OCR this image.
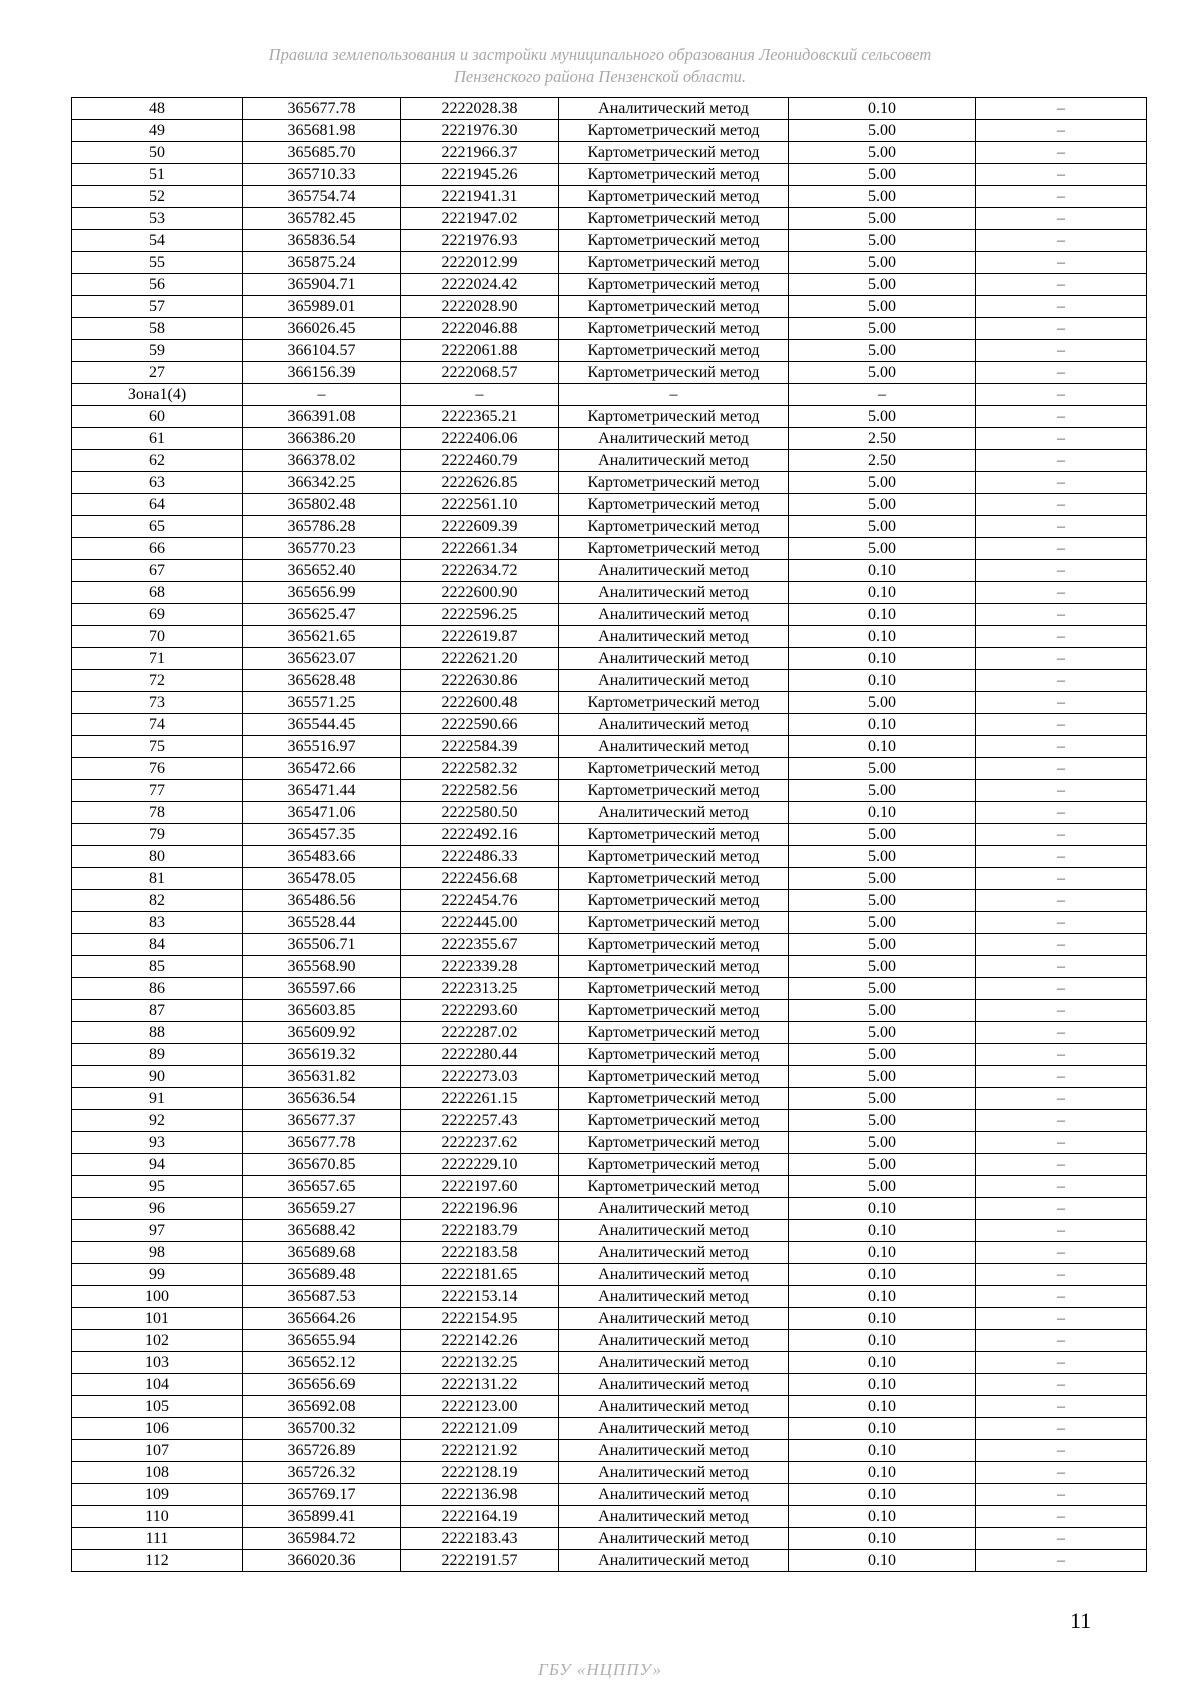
Правила землепользования и застройки муниципального образования Леонидовский сельсовет
Пензенского района Пензенской области.
48	365677.78	2222028.38	Аналитический метод	0.10	–
49	365681.98	2221976.30	Картометрический метод	5.00	–
50	365685.70	2221966.37	Картометрический метод	5.00	–
51	365710.33	2221945.26	Картометрический метод	5.00	–
52	365754.74	2221941.31	Картометрический метод	5.00	–
53	365782.45	2221947.02	Картометрический метод	5.00	–
54	365836.54	2221976.93	Картометрический метод	5.00	–
55	365875.24	2222012.99	Картометрический метод	5.00	–
56	365904.71	2222024.42	Картометрический метод	5.00	–
57	365989.01	2222028.90	Картометрический метод	5.00	–
58	366026.45	2222046.88	Картометрический метод	5.00	–
59	366104.57	2222061.88	Картометрический метод	5.00	–
27	366156.39	2222068.57	Картометрический метод	5.00	–
Зона1(4)	–	–	–	–	–
60	366391.08	2222365.21	Картометрический метод	5.00	–
61	366386.20	2222406.06	Аналитический метод	2.50	–
62	366378.02	2222460.79	Аналитический метод	2.50	–
63	366342.25	2222626.85	Картометрический метод	5.00	–
64	365802.48	2222561.10	Картометрический метод	5.00	–
65	365786.28	2222609.39	Картометрический метод	5.00	–
66	365770.23	2222661.34	Картометрический метод	5.00	–
67	365652.40	2222634.72	Аналитический метод	0.10	–
68	365656.99	2222600.90	Аналитический метод	0.10	–
69	365625.47	2222596.25	Аналитический метод	0.10	–
70	365621.65	2222619.87	Аналитический метод	0.10	–
71	365623.07	2222621.20	Аналитический метод	0.10	–
72	365628.48	2222630.86	Аналитический метод	0.10	–
73	365571.25	2222600.48	Картометрический метод	5.00	–
74	365544.45	2222590.66	Аналитический метод	0.10	–
75	365516.97	2222584.39	Аналитический метод	0.10	–
76	365472.66	2222582.32	Картометрический метод	5.00	–
77	365471.44	2222582.56	Картометрический метод	5.00	–
78	365471.06	2222580.50	Аналитический метод	0.10	–
79	365457.35	2222492.16	Картометрический метод	5.00	–
80	365483.66	2222486.33	Картометрический метод	5.00	–
81	365478.05	2222456.68	Картометрический метод	5.00	–
82	365486.56	2222454.76	Картометрический метод	5.00	–
83	365528.44	2222445.00	Картометрический метод	5.00	–
84	365506.71	2222355.67	Картометрический метод	5.00	–
85	365568.90	2222339.28	Картометрический метод	5.00	–
86	365597.66	2222313.25	Картометрический метод	5.00	–
87	365603.85	2222293.60	Картометрический метод	5.00	–
88	365609.92	2222287.02	Картометрический метод	5.00	–
89	365619.32	2222280.44	Картометрический метод	5.00	–
90	365631.82	2222273.03	Картометрический метод	5.00	–
91	365636.54	2222261.15	Картометрический метод	5.00	–
92	365677.37	2222257.43	Картометрический метод	5.00	–
93	365677.78	2222237.62	Картометрический метод	5.00	–
94	365670.85	2222229.10	Картометрический метод	5.00	–
95	365657.65	2222197.60	Картометрический метод	5.00	–
96	365659.27	2222196.96	Аналитический метод	0.10	–
97	365688.42	2222183.79	Аналитический метод	0.10	–
98	365689.68	2222183.58	Аналитический метод	0.10	–
99	365689.48	2222181.65	Аналитический метод	0.10	–
100	365687.53	2222153.14	Аналитический метод	0.10	–
101	365664.26	2222154.95	Аналитический метод	0.10	–
102	365655.94	2222142.26	Аналитический метод	0.10	–
103	365652.12	2222132.25	Аналитический метод	0.10	–
104	365656.69	2222131.22	Аналитический метод	0.10	–
105	365692.08	2222123.00	Аналитический метод	0.10	–
106	365700.32	2222121.09	Аналитический метод	0.10	–
107	365726.89	2222121.92	Аналитический метод	0.10	–
108	365726.32	2222128.19	Аналитический метод	0.10	–
109	365769.17	2222136.98	Аналитический метод	0.10	–
110	365899.41	2222164.19	Аналитический метод	0.10	–
111	365984.72	2222183.43	Аналитический метод	0.10	–
112	366020.36	2222191.57	Аналитический метод	0.10	–
11
ГБУ «НЦППУ»
